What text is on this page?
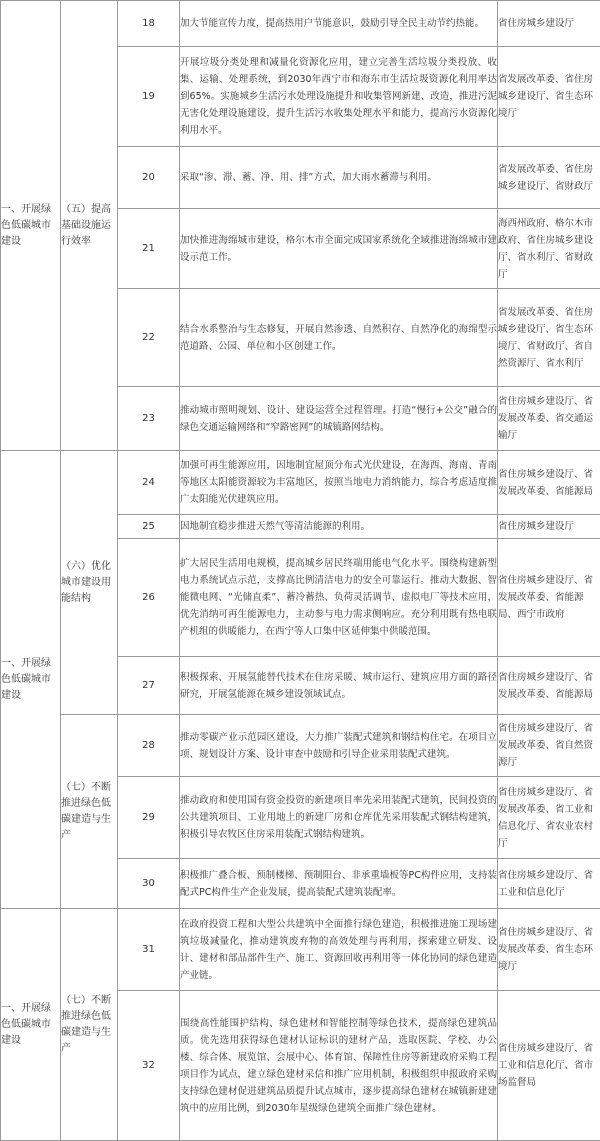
一、开展绿色低碳城市建设	（五）提高基础设施运行效率	18	加大节能宣传力度，提高热用户节能意识，鼓励引导全民主动节约热能。	省住房城乡建设厅
		19	开展垃圾分类处理和减量化资源化应用，建立完善生活垃圾分类投放、收集、运输、处理系统，到2030年西宁市和海东市生活垃圾资源化利用率达到65%。实施城乡生活污水处理设施提升和收集管网新建、改造，推进污泥无害化处理设施建设，提升生活污水收集处理水平和能力，提高污水资源化利用水平。	省发展改革委、省住房城乡建设厅、省生态环境厅
		20	采取“渗、滞、蓄、净、用、排”方式，加大雨水蓄滞与利用。	省发展改革委、省住房城乡建设厅、省财政厅
		21	加快推进海绵城市建设，格尔木市全面完成国家系统化全域推进海绵城市建设示范工作。	海西州政府、格尔木市政府、省住房城乡建设厅、省水利厅、省财政厅
		22	结合水系整治与生态修复，开展自然渗透、自然积存、自然净化的海绵型示范道路、公园、单位和小区创建工作。	省发展改革委、省住房城乡建设厅、省生态环境厅、省财政厅、省自然资源厅、省水利厅
		23	推动城市照明规划、设计、建设运营全过程管理。打造“慢行+公交”融合的绿色交通运输网络和“窄路密网”的城镇路网结构。	省住房城乡建设厅、省发展改革委、省交通运输厅
一、开展绿色低碳城市建设	（六）优化城市建设用能结构	24	加强可再生能源应用，因地制宜屋顶分布式光伏建设，在海西、海南、青南等地区太阳能资源较为丰富地区，按照当地电力消纳能力，综合考虑适度推广太阳能光伏建筑应用。	省住房城乡建设厅、省发展改革委、省能源局
		25	因地制宜稳步推进天然气等清洁能源的利用。	省住房城乡建设厅
		26	扩大居民生活用电规模，提高城乡居民终端用能电气化水平。围绕构建新型电力系统试点示范，支撑高比例清洁电力的安全可靠运行。推动大数据、智能微电网、“光储直柔”、蓄冷蓄热、负荷灵活调节、虚拟电厂等技术应用，优先消纳可再生能源电力，主动参与电力需求侧响应。充分利用既有热电联产机组的供暖能力，在西宁等人口集中区延伸集中供暖范围。	省住房城乡建设厅、省发展改革委、省能源局、西宁市政府
		27	积极探索、开展氢能替代技术在住房采暖、城市运行、建筑应用方面的路径研究，开展氢能源在城乡建设领域试点。	省住房城乡建设厅、省发展改革委、省能源局
	（七）不断推进绿色低碳建造与生产	28	推动零碳产业示范园区建设，大力推广装配式建筑和钢结构住宅。在项目立项、规划设计方案、设计审查中鼓励和引导企业采用装配式建筑。	省住房城乡建设厅、省发展改革委、省自然资源厅
		29	推动政府和使用国有资金投资的新建项目率先采用装配式建筑，民间投资的公共建筑项目、工业用地上的新建厂房和仓库优先采用装配式钢结构建筑，积极引导农牧区住房采用装配式钢结构建筑。	省住房城乡建设厅、省发展改革委、省工业和信息化厅、省农业农村厅
		30	积极推广叠合板、预制楼梯、预制阳台、非承重墙板等PC构件应用，支持装配式PC构件生产企业发展，提高装配式建筑装配率。	省住房城乡建设厅、省工业和信息化厅
一、开展绿色低碳城市建设	（七）不断推进绿色低碳建造与生产	31	在政府投资工程和大型公共建筑中全面推行绿色建造，积极推进施工现场建筑垃圾减量化，推动建筑废弃物的高效处理与再利用，探索建立研发、设计、建材和部品部件生产、施工、资源回收再利用等一体化协同的绿色建造产业链。	省住房城乡建设厅、省发展改革委、省生态环境厅
		32	围绕高性能围护结构、绿色建材和智能控制等绿色技术，提高绿色建筑品质。优先选用获得绿色建材认证标识的建材产品，选取医院、学校、办公楼、综合体、展览馆、会展中心、体育馆、保障性住房等新建政府采购工程项目作为试点，建立绿色建材采信和推广应用机制，积极组织申报政府采购支持绿色建材促进建筑品质提升试点城市，逐步提高绿色建材在城镇新建建筑中的应用比例，到2030年星级绿色建筑全面推广绿色建材。	省住房城乡建设厅、省工业和信息化厅、省市场监督局
